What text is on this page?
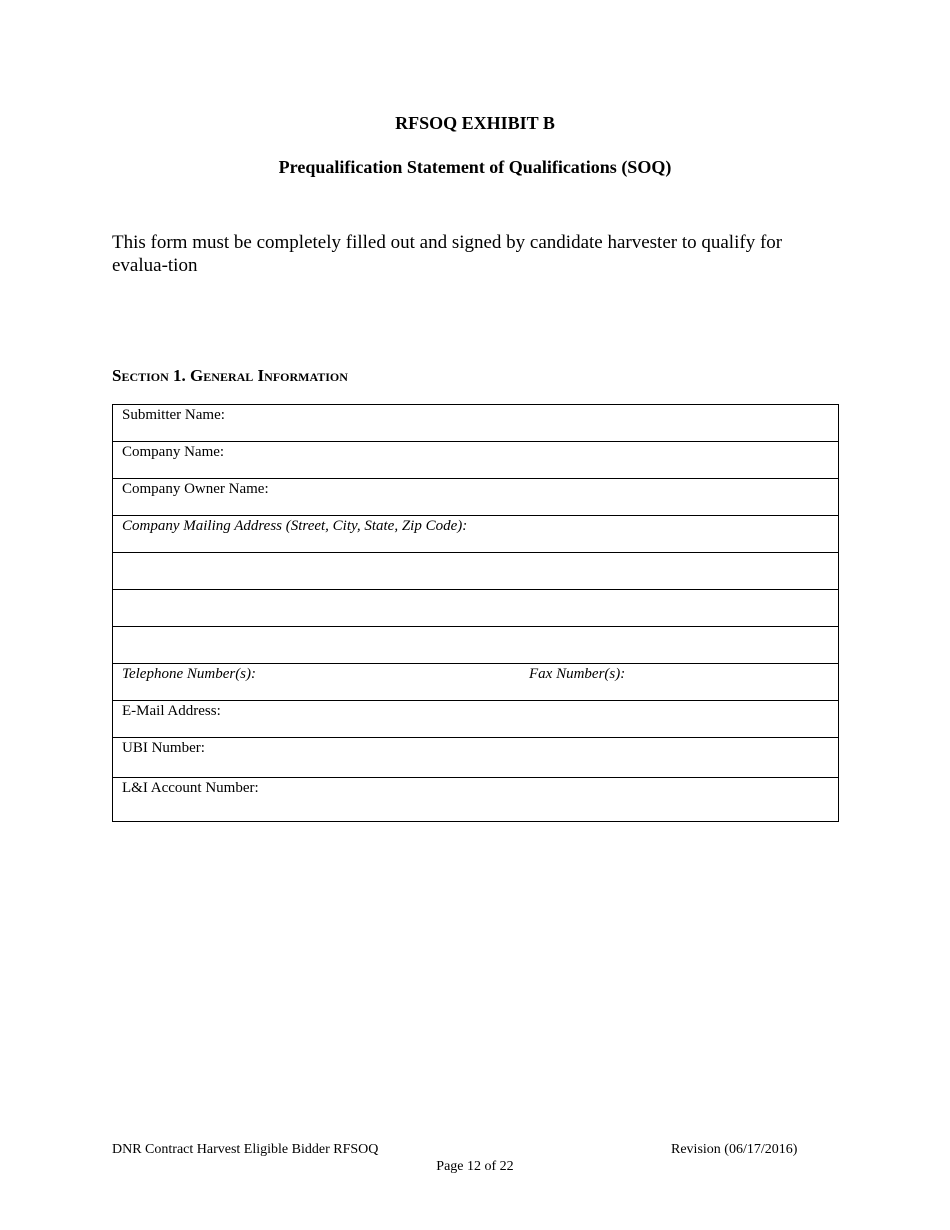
RFSOQ EXHIBIT B
Prequalification Statement of Qualifications (SOQ)

This form must be completely filled out and signed by candidate harvester to qualify for evalua-tion

Section 1. General Information
Submitter Name:
Company Name:
Company Owner Name:
Company Mailing Address (Street, City, State, Zip Code):
Telephone Number(s):	Fax Number(s):
E-Mail Address:
UBI Number:
L&I Account Number:
DNR Contract Harvest Eligible Bidder RFSOQ	Revision (06/17/2016)
Page 12 of 22
